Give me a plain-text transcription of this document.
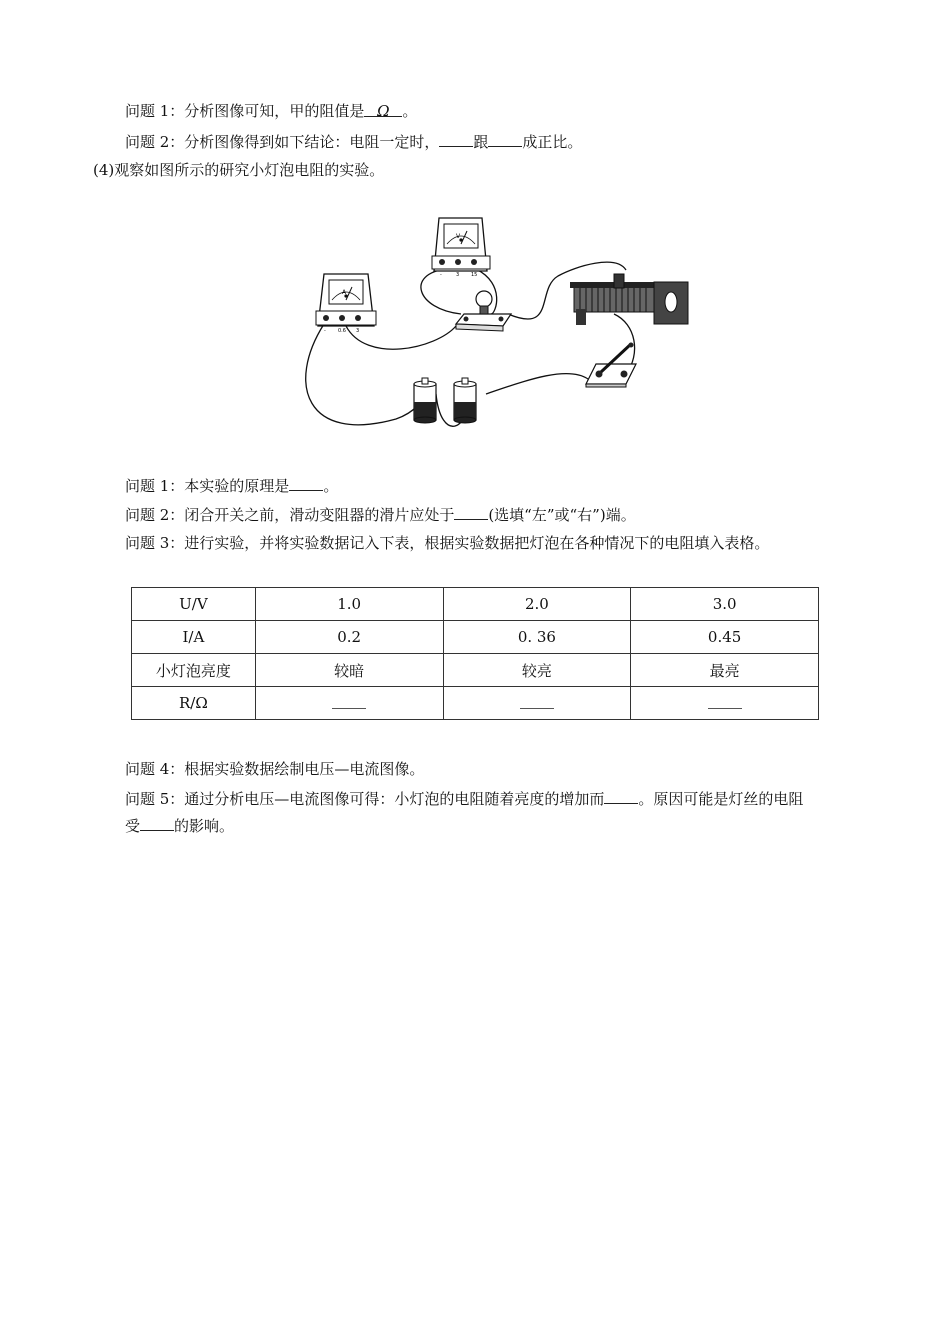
问题 1：分析图像可知，甲的阻值是 Ω 。
问题 2：分析图像得到如下结论：电阻一定时， 跟 成正比。
(4)观察如图所示的研究小灯泡电阻的实验。
A
- 0.6 3
V
-	3 15
问题 1：本实验的原理是 。
问题 2：闭合开关之前，滑动变阻器的滑片应处于 (选填“左”或“右”)端。
问题 3：进行实验，并将实验数据记入下表，根据实验数据把灯泡在各种情况下的电阻填入表格。
U/V	1.0	2.0	3.0
I/A	0.2	0. 36	0.45
小灯泡亮度	较暗	较亮	最亮
R/Ω			
问题 4：根据实验数据绘制电压—电流图像。
问题 5：通过分析电压—电流图像可得：小灯泡的电阻随着亮度的增加而 。原因可能是灯丝的电阻
受 的影响。
